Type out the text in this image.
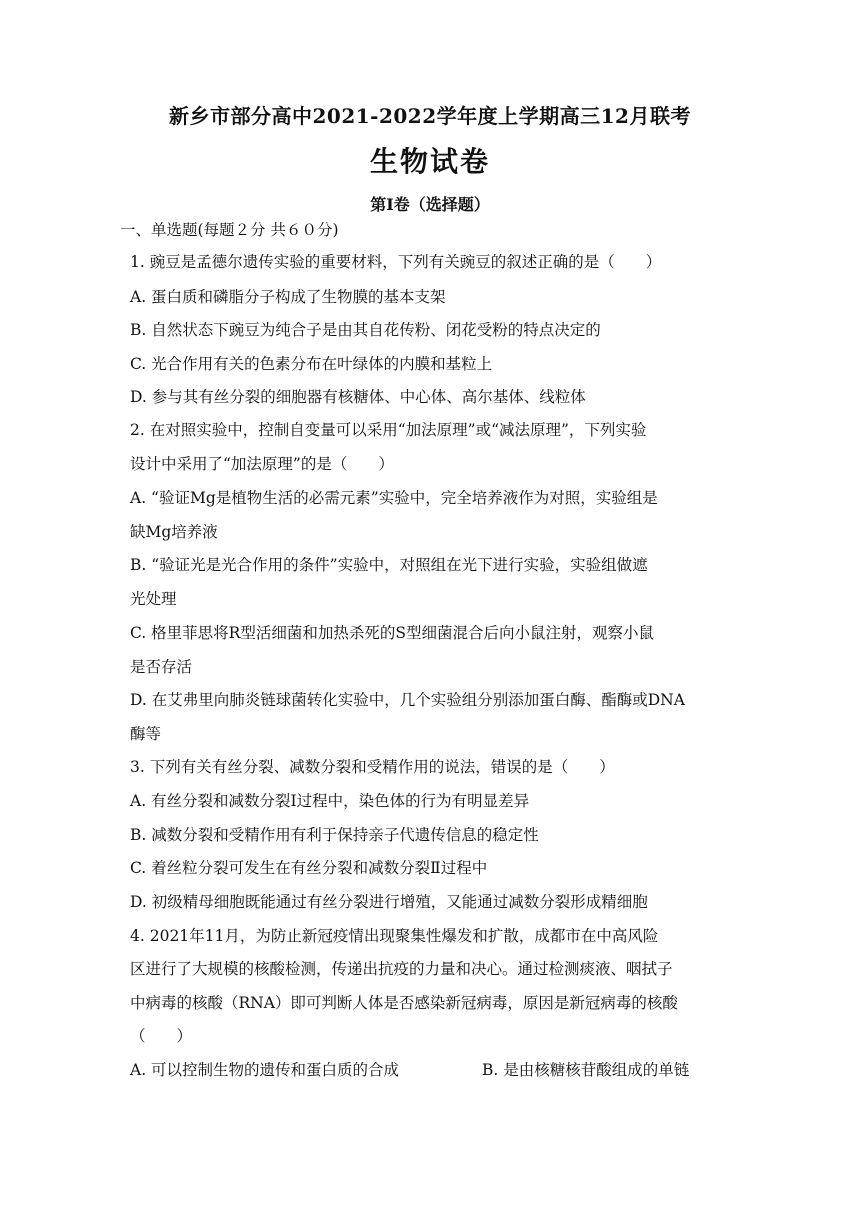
新乡市部分高中2021-2022学年度上学期高三12月联考
生物试卷
第Ⅰ卷（选择题）
一、单选题(每题２分 共６０分)
1. 豌豆是孟德尔遗传实验的重要材料，下列有关豌豆的叙述正确的是（　　）
A. 蛋白质和磷脂分子构成了生物膜的基本支架
B. 自然状态下豌豆为纯合子是由其自花传粉、闭花受粉的特点决定的
C. 光合作用有关的色素分布在叶绿体的内膜和基粒上
D. 参与其有丝分裂的细胞器有核糖体、中心体、高尔基体、线粒体
2. 在对照实验中，控制自变量可以采用“加法原理”或“减法原理”，下列实验
设计中采用了“加法原理”的是（　　）
A. “验证Mg是植物生活的必需元素”实验中，完全培养液作为对照，实验组是
缺Mg培养液
B. “验证光是光合作用的条件”实验中，对照组在光下进行实验，实验组做遮
光处理
C. 格里菲思将R型活细菌和加热杀死的S型细菌混合后向小鼠注射，观察小鼠
是否存活
D. 在艾弗里向肺炎链球菌转化实验中，几个实验组分别添加蛋白酶、酯酶或DNA
酶等
3. 下列有关有丝分裂、减数分裂和受精作用的说法，错误的是（　　）
A. 有丝分裂和减数分裂Ⅰ过程中，染色体的行为有明显差异
B. 减数分裂和受精作用有利于保持亲子代遗传信息的稳定性
C. 着丝粒分裂可发生在有丝分裂和减数分裂Ⅱ过程中
D. 初级精母细胞既能通过有丝分裂进行增殖，又能通过减数分裂形成精细胞
4. 2021年11月，为防止新冠疫情出现聚集性爆发和扩散，成都市在中高风险
区进行了大规模的核酸检测，传递出抗疫的力量和决心。通过检测痰液、咽拭子
中病毒的核酸（RNA）即可判断人体是否感染新冠病毒，原因是新冠病毒的核酸
（　　）
A. 可以控制生物的遗传和蛋白质的合成	B. 是由核糖核苷酸组成的单链
